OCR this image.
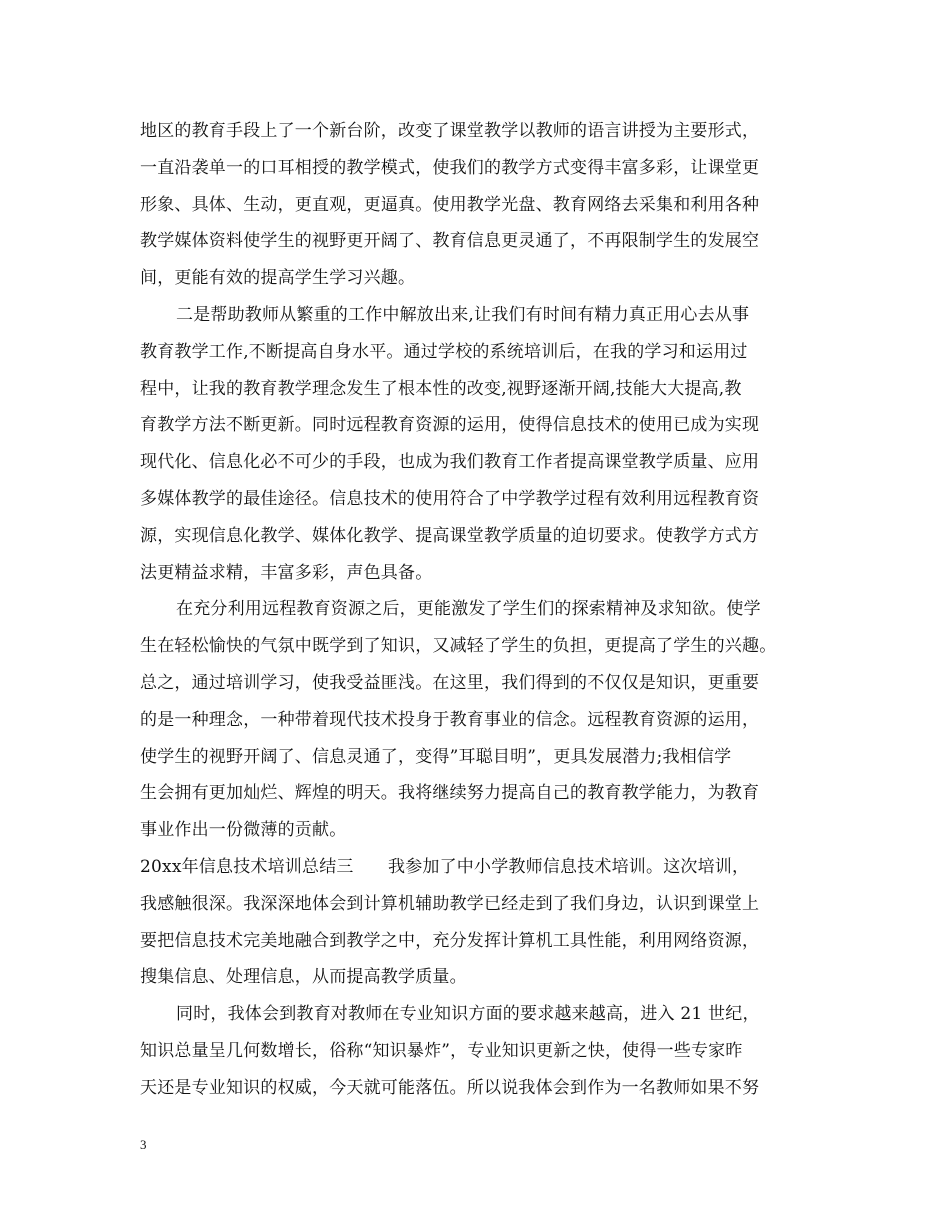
地区的教育手段上了一个新台阶，改变了课堂教学以教师的语言讲授为主要形式，
一直沿袭单一的口耳相授的教学模式，使我们的教学方式变得丰富多彩，让课堂更
形象、具体、生动，更直观，更逼真。使用教学光盘、教育网络去采集和利用各种
教学媒体资料使学生的视野更开阔了、教育信息更灵通了，不再限制学生的发展空
间，更能有效的提高学生学习兴趣。
二是帮助教师从繁重的工作中解放出来,让我们有时间有精力真正用心去从事
教育教学工作,不断提高自身水平。通过学校的系统培训后，在我的学习和运用过
程中，让我的教育教学理念发生了根本性的改变,视野逐渐开阔,技能大大提高,教
育教学方法不断更新。同时远程教育资源的运用，使得信息技术的使用已成为实现
现代化、信息化必不可少的手段，也成为我们教育工作者提高课堂教学质量、应用
多媒体教学的最佳途径。信息技术的使用符合了中学教学过程有效利用远程教育资
源，实现信息化教学、媒体化教学、提高课堂教学质量的迫切要求。使教学方式方
法更精益求精，丰富多彩，声色具备。
在充分利用远程教育资源之后，更能激发了学生们的探索精神及求知欲。使学
生在轻松愉快的气氛中既学到了知识，又减轻了学生的负担，更提高了学生的兴趣。
总之，通过培训学习，使我受益匪浅。在这里，我们得到的不仅仅是知识，更重要
的是一种理念，一种带着现代技术投身于教育事业的信念。远程教育资源的运用，
使学生的视野开阔了、信息灵通了，变得”耳聪目明”，更具发展潜力;我相信学
生会拥有更加灿烂、辉煌的明天。我将继续努力提高自己的教育教学能力，为教育
事业作出一份微薄的贡献。
20xx年信息技术培训总结三　　我参加了中小学教师信息技术培训。这次培训，
我感触很深。我深深地体会到计算机辅助教学已经走到了我们身边，认识到课堂上
要把信息技术完美地融合到教学之中，充分发挥计算机工具性能，利用网络资源，
搜集信息、处理信息，从而提高教学质量。
同时，我体会到教育对教师在专业知识方面的要求越来越高，进入 21 世纪，
知识总量呈几何数增长，俗称“知识暴炸”，专业知识更新之快，使得一些专家昨
天还是专业知识的权威，今天就可能落伍。所以说我体会到作为一名教师如果不努
3
